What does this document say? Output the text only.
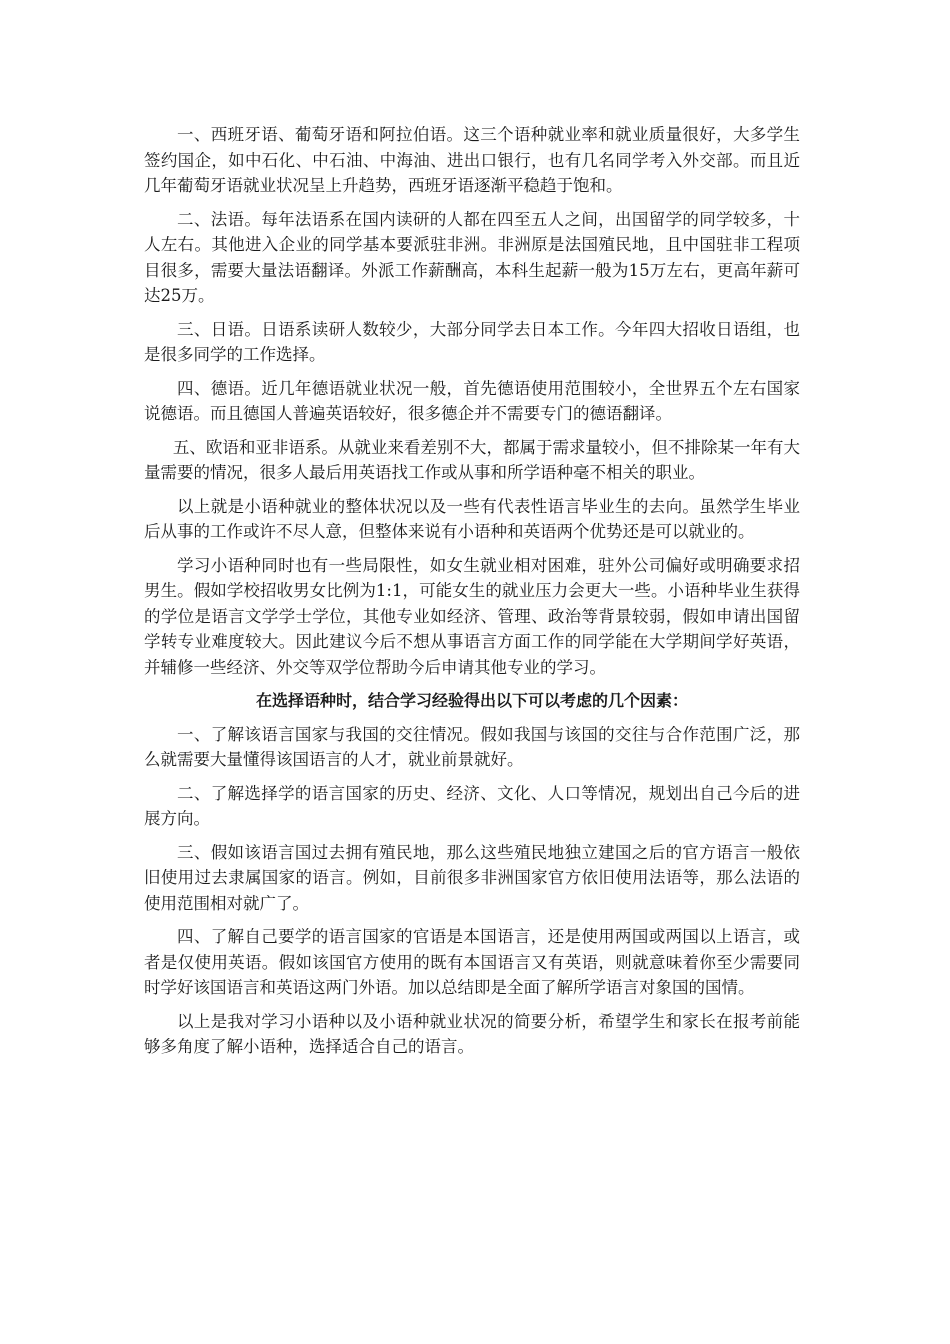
一、西班牙语、葡萄牙语和阿拉伯语。这三个语种就业率和就业质量很好，大多学生签约国企，如中石化、中石油、中海油、进出口银行，也有几名同学考入外交部。而且近几年葡萄牙语就业状况呈上升趋势，西班牙语逐渐平稳趋于饱和。

二、法语。每年法语系在国内读研的人都在四至五人之间，出国留学的同学较多，十人左右。其他进入企业的同学基本要派驻非洲。非洲原是法国殖民地，且中国驻非工程项目很多，需要大量法语翻译。外派工作薪酬高，本科生起薪一般为15万左右，更高年薪可达25万。

三、日语。日语系读研人数较少，大部分同学去日本工作。今年四大招收日语组，也是很多同学的工作选择。

四、德语。近几年德语就业状况一般，首先德语使用范围较小，全世界五个左右国家说德语。而且德国人普遍英语较好，很多德企并不需要专门的德语翻译。

五、欧语和亚非语系。从就业来看差别不大，都属于需求量较小，但不排除某一年有大量需要的情况，很多人最后用英语找工作或从事和所学语种毫不相关的职业。

以上就是小语种就业的整体状况以及一些有代表性语言毕业生的去向。虽然学生毕业后从事的工作或许不尽人意，但整体来说有小语种和英语两个优势还是可以就业的。

学习小语种同时也有一些局限性，如女生就业相对困难，驻外公司偏好或明确要求招男生。假如学校招收男女比例为1:1，可能女生的就业压力会更大一些。小语种毕业生获得的学位是语言文学学士学位，其他专业如经济、管理、政治等背景较弱，假如申请出国留学转专业难度较大。因此建议今后不想从事语言方面工作的同学能在大学期间学好英语，并辅修一些经济、外交等双学位帮助今后申请其他专业的学习。

在选择语种时，结合学习经验得出以下可以考虑的几个因素：

一、了解该语言国家与我国的交往情况。假如我国与该国的交往与合作范围广泛，那么就需要大量懂得该国语言的人才，就业前景就好。

二、了解选择学的语言国家的历史、经济、文化、人口等情况，规划出自己今后的进展方向。

三、假如该语言国过去拥有殖民地，那么这些殖民地独立建国之后的官方语言一般依旧使用过去隶属国家的语言。例如，目前很多非洲国家官方依旧使用法语等，那么法语的使用范围相对就广了。

四、了解自己要学的语言国家的官语是本国语言，还是使用两国或两国以上语言，或者是仅使用英语。假如该国官方使用的既有本国语言又有英语，则就意味着你至少需要同时学好该国语言和英语这两门外语。加以总结即是全面了解所学语言对象国的国情。

以上是我对学习小语种以及小语种就业状况的简要分析，希望学生和家长在报考前能够多角度了解小语种，选择适合自己的语言。
